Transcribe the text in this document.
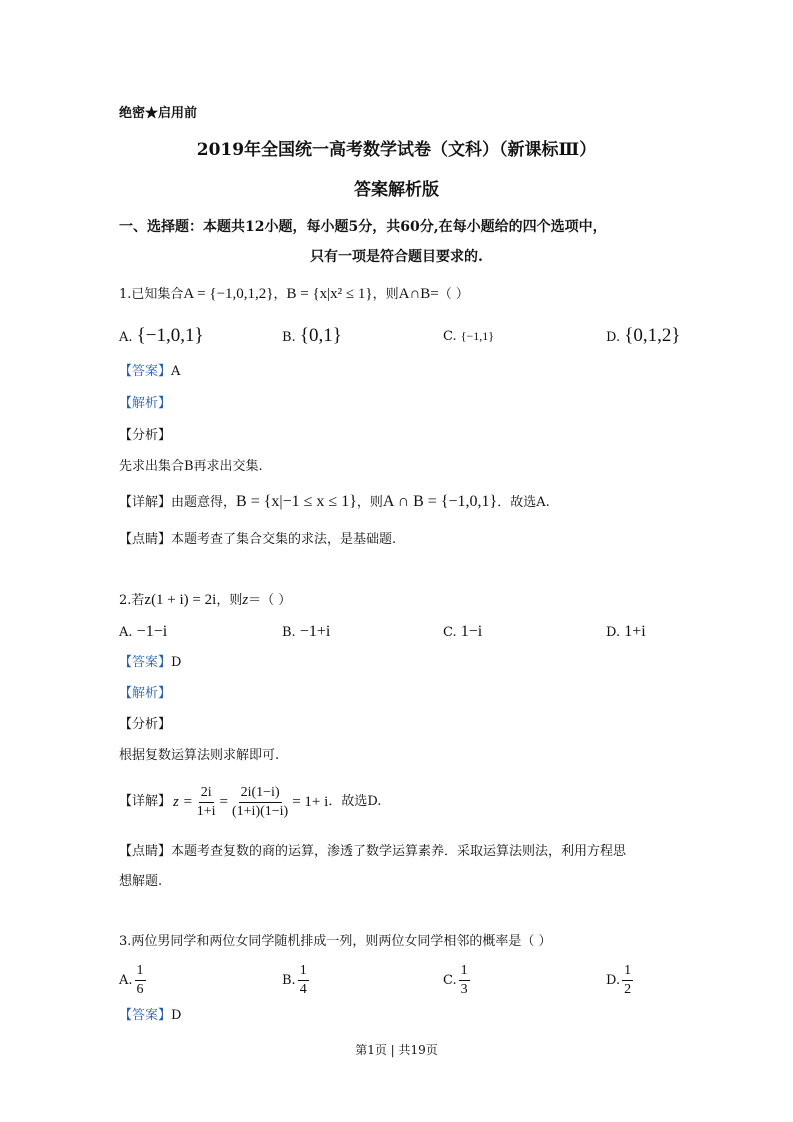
绝密★启用前
2019年全国统一高考数学试卷（文科）（新课标Ⅲ）
答案解析版
一、选择题：本题共12小题，每小题5分，共60分,在每小题给的四个选项中，
只有一项是符合题目要求的.
1.已知集合A = {−1,0,1,2}，B = {x|x² ≤ 1}，则A∩B=（ ）
A. {−1,0,1}	B. {0,1}	C. {−1,1}	D. {0,1,2}
【答案】A
【解析】
【分析】
先求出集合B再求出交集.
【详解】由题意得，B = {x|−1 ≤ x ≤ 1}，则A ∩ B = {−1,0,1}．故选A.
【点睛】本题考查了集合交集的求法，是基础题.
2.若z(1 + i) = 2i，则z＝（ ）
A. −1−i	B. −1+i	C. 1−i	D. 1+i
【答案】D
【解析】
【分析】
根据复数运算法则求解即可.
【详解】 $z = \frac{2i}{1+i} = \frac{2i(1-i)}{(1+i)(1-i)} = 1+ i$ ．故选D.
【点睛】本题考查复数的商的运算，渗透了数学运算素养．采取运算法则法，利用方程思
想解题.
3.两位男同学和两位女同学随机排成一列，则两位女同学相邻的概率是（ ）
A. $\frac{1}{6}$	B. $\frac{1}{4}$	C. $\frac{1}{3}$	D. $\frac{1}{2}$
【答案】D
第1页 | 共19页
